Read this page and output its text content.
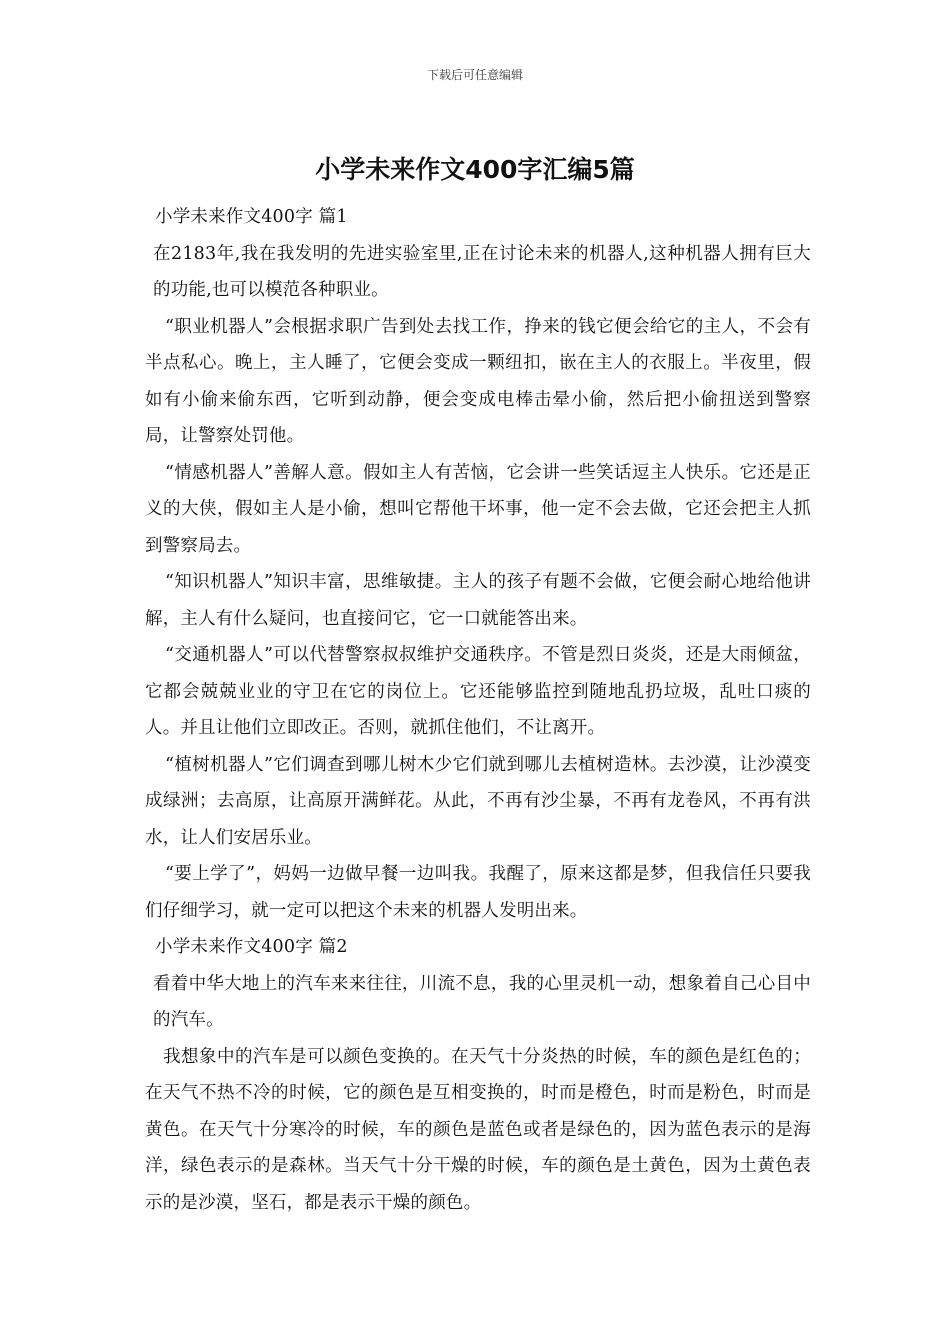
下载后可任意编辑
小学未来作文400字汇编5篇

小学未来作文400字 篇1

在2183年,我在我发明的先进实验室里,正在讨论未来的机器人,这种机器人拥有巨大的功能,也可以模范各种职业。

“职业机器人”会根据求职广告到处去找工作，挣来的钱它便会给它的主人，不会有半点私心。晚上，主人睡了，它便会变成一颗纽扣，嵌在主人的衣服上。半夜里，假如有小偷来偷东西，它听到动静，便会变成电棒击晕小偷，然后把小偷扭送到警察局，让警察处罚他。

“情感机器人”善解人意。假如主人有苦恼，它会讲一些笑话逗主人快乐。它还是正义的大侠，假如主人是小偷，想叫它帮他干坏事，他一定不会去做，它还会把主人抓到警察局去。

“知识机器人”知识丰富，思维敏捷。主人的孩子有题不会做，它便会耐心地给他讲解，主人有什么疑问，也直接问它，它一口就能答出来。

“交通机器人”可以代替警察叔叔维护交通秩序。不管是烈日炎炎，还是大雨倾盆，它都会兢兢业业的守卫在它的岗位上。它还能够监控到随地乱扔垃圾，乱吐口痰的人。并且让他们立即改正。否则，就抓住他们，不让离开。

“植树机器人”它们调查到哪儿树木少它们就到哪儿去植树造林。去沙漠，让沙漠变成绿洲；去高原，让高原开满鲜花。从此，不再有沙尘暴，不再有龙卷风，不再有洪水，让人们安居乐业。

“要上学了”，妈妈一边做早餐一边叫我。我醒了，原来这都是梦，但我信任只要我们仔细学习，就一定可以把这个未来的机器人发明出来。

小学未来作文400字 篇2

看着中华大地上的汽车来来往往，川流不息，我的心里灵机一动，想象着自己心目中的汽车。

我想象中的汽车是可以颜色变换的。在天气十分炎热的时候，车的颜色是红色的；在天气不热不冷的时候，它的颜色是互相变换的，时而是橙色，时而是粉色，时而是黄色。在天气十分寒冷的时候，车的颜色是蓝色或者是绿色的，因为蓝色表示的是海洋，绿色表示的是森林。当天气十分干燥的时候，车的颜色是土黄色，因为土黄色表示的是沙漠，坚石，都是表示干燥的颜色。
